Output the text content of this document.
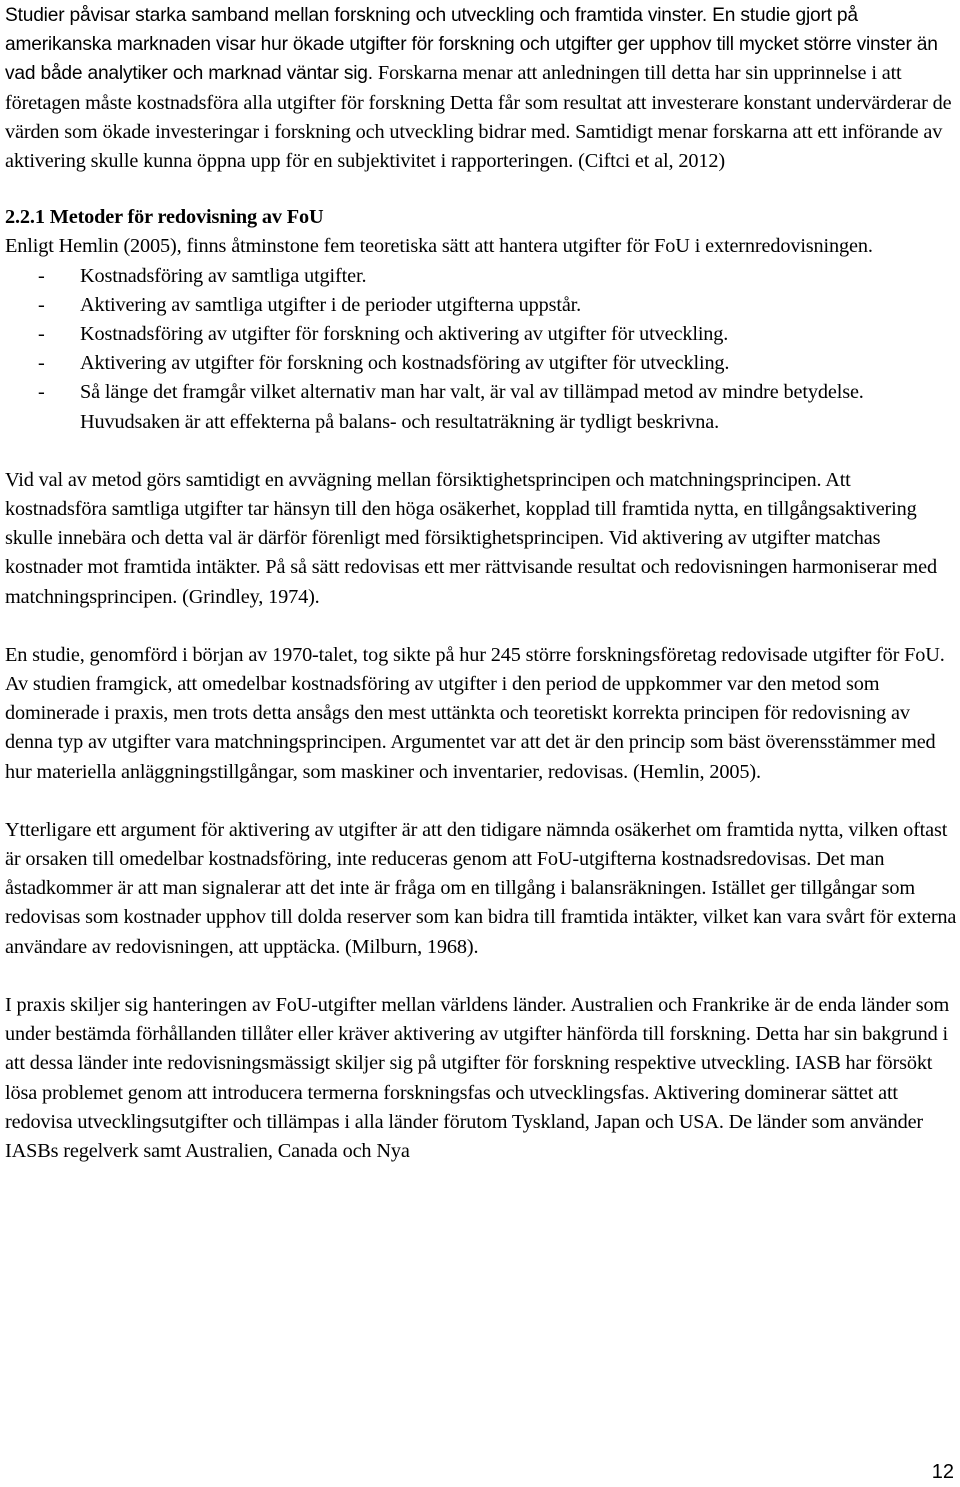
Studier påvisar starka samband mellan forskning och utveckling och framtida vinster. En studie gjort på amerikanska marknaden visar hur ökade utgifter för forskning och utgifter ger upphov till mycket större vinster än vad både analytiker och marknad väntar sig. Forskarna menar att anledningen till detta har sin upprinnelse i att företagen måste kostnadsföra alla utgifter för forskning Detta får som resultat att investerare konstant undervärderar de värden som ökade investeringar i forskning och utveckling bidrar med. Samtidigt menar forskarna att ett införande av aktivering skulle kunna öppna upp för en subjektivitet i rapporteringen. (Ciftci et al, 2012)

2.2.1 Metoder för redovisning av FoU

Enligt Hemlin (2005), finns åtminstone fem teoretiska sätt att hantera utgifter för FoU i externredovisningen.

- Kostnadsföring av samtliga utgifter.
- Aktivering av samtliga utgifter i de perioder utgifterna uppstår.
- Kostnadsföring av utgifter för forskning och aktivering av utgifter för utveckling.
- Aktivering av utgifter för forskning och kostnadsföring av utgifter för utveckling.
- Så länge det framgår vilket alternativ man har valt, är val av tillämpad metod av mindre betydelse. Huvudsaken är att effekterna på balans- och resultaträkning är tydligt beskrivna.

Vid val av metod görs samtidigt en avvägning mellan försiktighetsprincipen och matchningsprincipen. Att kostnadsföra samtliga utgifter tar hänsyn till den höga osäkerhet, kopplad till framtida nytta, en tillgångsaktivering skulle innebära och detta val är därför förenligt med försiktighetsprincipen. Vid aktivering av utgifter matchas kostnader mot framtida intäkter. På så sätt redovisas ett mer rättvisande resultat och redovisningen harmoniserar med matchningsprincipen. (Grindley, 1974).

En studie, genomförd i början av 1970-talet, tog sikte på hur 245 större forskningsföretag redovisade utgifter för FoU. Av studien framgick, att omedelbar kostnadsföring av utgifter i den period de uppkommer var den metod som dominerade i praxis, men trots detta ansågs den mest uttänkta och teoretiskt korrekta principen för redovisning av denna typ av utgifter vara matchningsprincipen. Argumentet var att det är den princip som bäst överensstämmer med hur materiella anläggningstillgångar, som maskiner och inventarier, redovisas. (Hemlin, 2005).

Ytterligare ett argument för aktivering av utgifter är att den tidigare nämnda osäkerhet om framtida nytta, vilken oftast är orsaken till omedelbar kostnadsföring, inte reduceras genom att FoU-utgifterna kostnadsredovisas. Det man åstadkommer är att man signalerar att det inte är fråga om en tillgång i balansräkningen. Istället ger tillgångar som redovisas som kostnader upphov till dolda reserver som kan bidra till framtida intäkter, vilket kan vara svårt för externa användare av redovisningen, att upptäcka. (Milburn, 1968).

I praxis skiljer sig hanteringen av FoU-utgifter mellan världens länder. Australien och Frankrike är de enda länder som under bestämda förhållanden tillåter eller kräver aktivering av utgifter hänförda till forskning. Detta har sin bakgrund i att dessa länder inte redovisningsmässigt skiljer sig på utgifter för forskning respektive utveckling. IASB har försökt lösa problemet genom att introducera termerna forskningsfas och utvecklingsfas. Aktivering dominerar sättet att redovisa utvecklingsutgifter och tillämpas i alla länder förutom Tyskland, Japan och USA. De länder som använder IASBs regelverk samt Australien, Canada och Nya

12
